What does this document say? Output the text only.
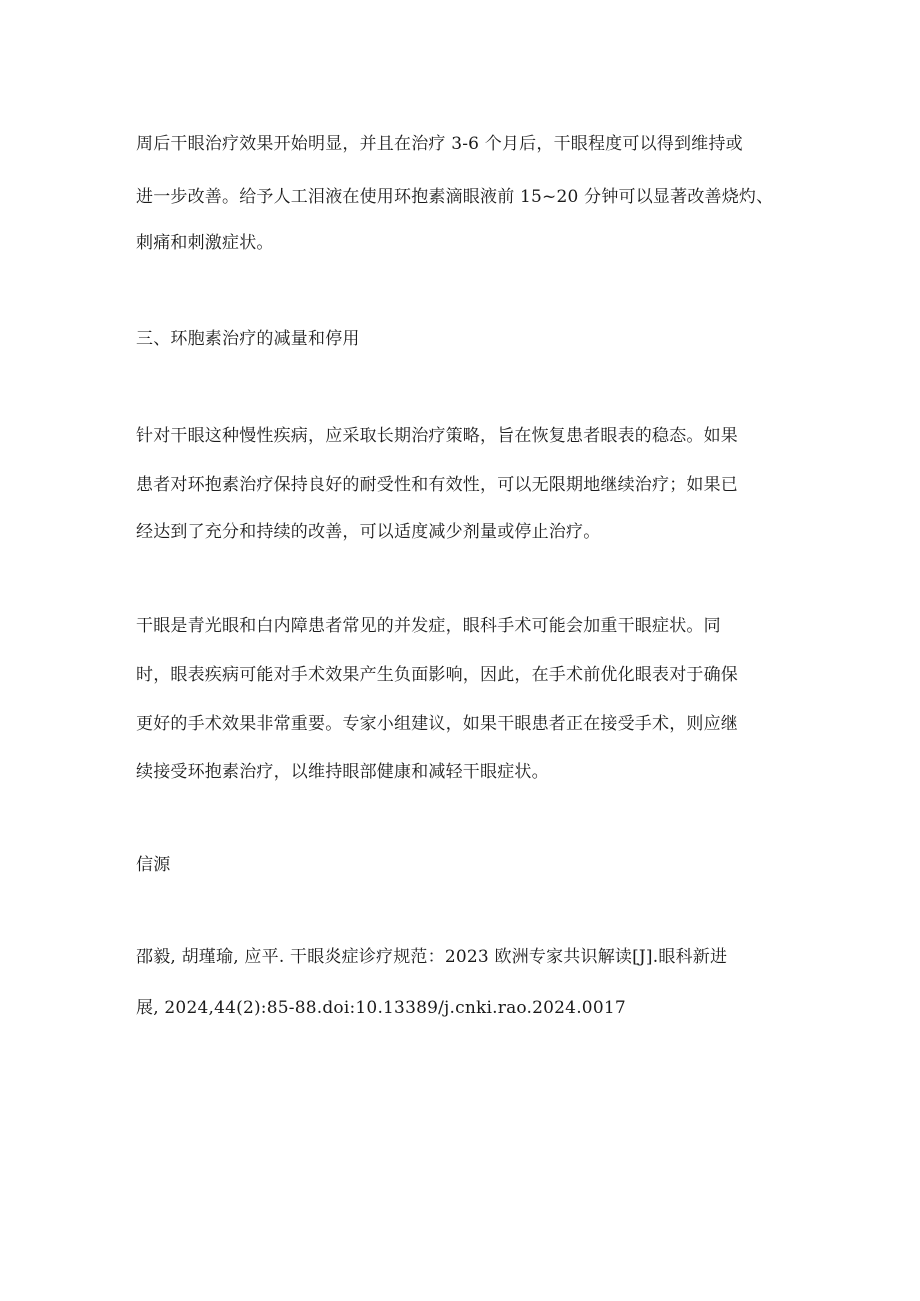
周后干眼治疗效果开始明显，并且在治疗 3-6 个月后，干眼程度可以得到维持或
进一步改善。给予人工泪液在使用环抱素滴眼液前 15~20 分钟可以显著改善烧灼、
刺痛和刺激症状。
三、环胞素治疗的减量和停用
针对干眼这种慢性疾病，应采取长期治疗策略，旨在恢复患者眼表的稳态。如果
患者对环抱素治疗保持良好的耐受性和有效性，可以无限期地继续治疗；如果已
经达到了充分和持续的改善，可以适度减少剂量或停止治疗。
干眼是青光眼和白内障患者常见的并发症，眼科手术可能会加重干眼症状。同
时，眼表疾病可能对手术效果产生负面影响，因此，在手术前优化眼表对于确保
更好的手术效果非常重要。专家小组建议，如果干眼患者正在接受手术，则应继
续接受环抱素治疗，以维持眼部健康和减轻干眼症状。
信源
邵毅, 胡瑾瑜, 应平. 干眼炎症诊疗规范：2023 欧洲专家共识解读[J].眼科新进
展, 2024,44(2):85-88.doi:10.13389/j.cnki.rao.2024.0017
